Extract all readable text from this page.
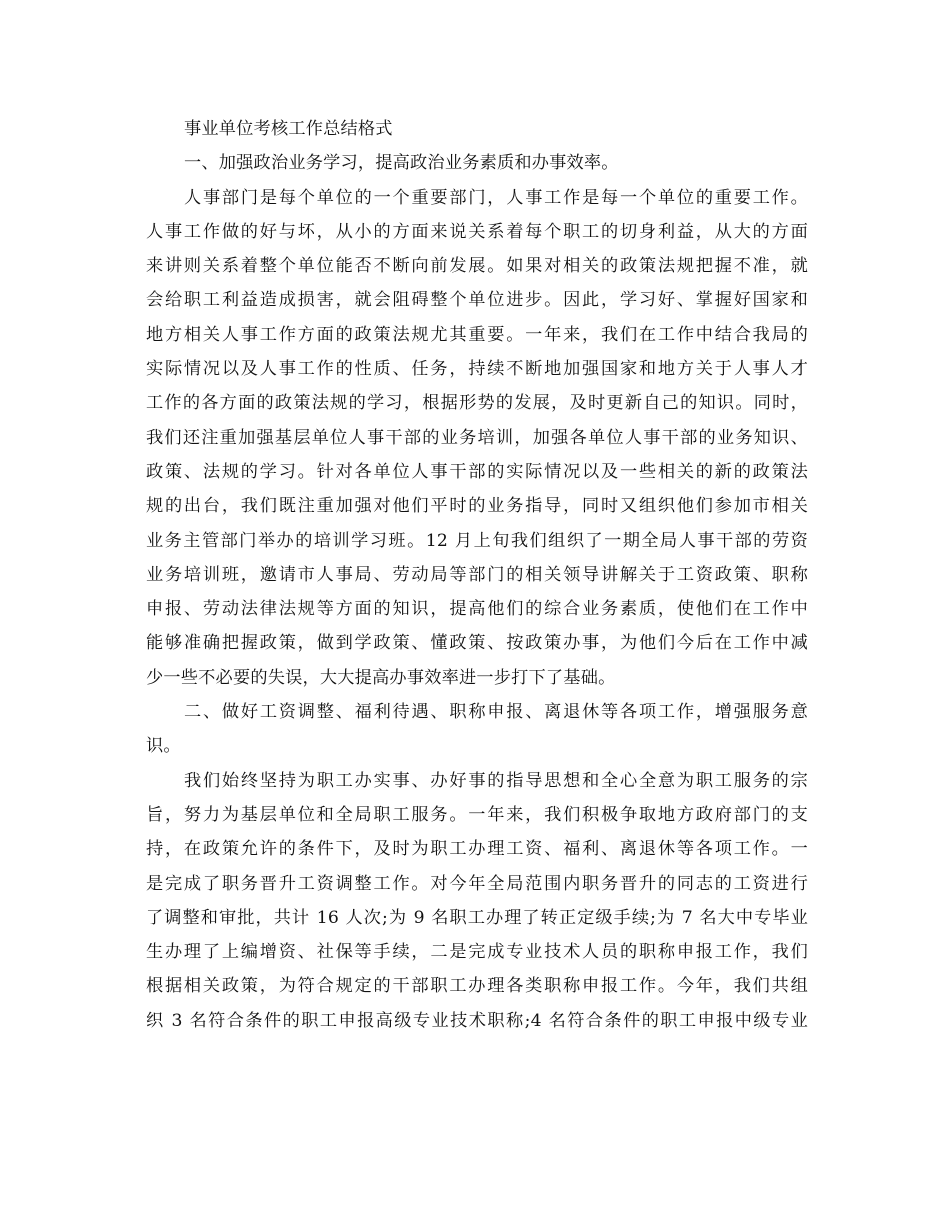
事业单位考核工作总结格式
一、加强政治业务学习，提高政治业务素质和办事效率。
人事部门是每个单位的一个重要部门，人事工作是每一个单位的重要工作。
人事工作做的好与坏，从小的方面来说关系着每个职工的切身利益，从大的方面
来讲则关系着整个单位能否不断向前发展。如果对相关的政策法规把握不准，就
会给职工利益造成损害，就会阻碍整个单位进步。因此，学习好、掌握好国家和
地方相关人事工作方面的政策法规尤其重要。一年来，我们在工作中结合我局的
实际情况以及人事工作的性质、任务，持续不断地加强国家和地方关于人事人才
工作的各方面的政策法规的学习，根据形势的发展，及时更新自己的知识。同时，
我们还注重加强基层单位人事干部的业务培训，加强各单位人事干部的业务知识、
政策、法规的学习。针对各单位人事干部的实际情况以及一些相关的新的政策法
规的出台，我们既注重加强对他们平时的业务指导，同时又组织他们参加市相关
业务主管部门举办的培训学习班。12 月上旬我们组织了一期全局人事干部的劳资
业务培训班，邀请市人事局、劳动局等部门的相关领导讲解关于工资政策、职称
申报、劳动法律法规等方面的知识，提高他们的综合业务素质，使他们在工作中
能够准确把握政策，做到学政策、懂政策、按政策办事，为他们今后在工作中减
少一些不必要的失误，大大提高办事效率进一步打下了基础。
二、做好工资调整、福利待遇、职称申报、离退休等各项工作，增强服务意
识。
我们始终坚持为职工办实事、办好事的指导思想和全心全意为职工服务的宗
旨，努力为基层单位和全局职工服务。一年来，我们积极争取地方政府部门的支
持，在政策允许的条件下，及时为职工办理工资、福利、离退休等各项工作。一
是完成了职务晋升工资调整工作。对今年全局范围内职务晋升的同志的工资进行
了调整和审批，共计 16 人次;为 9 名职工办理了转正定级手续;为 7 名大中专毕业
生办理了上编增资、社保等手续，二是完成专业技术人员的职称申报工作，我们
根据相关政策，为符合规定的干部职工办理各类职称申报工作。今年，我们共组
织 3 名符合条件的职工申报高级专业技术职称;4 名符合条件的职工申报中级专业
